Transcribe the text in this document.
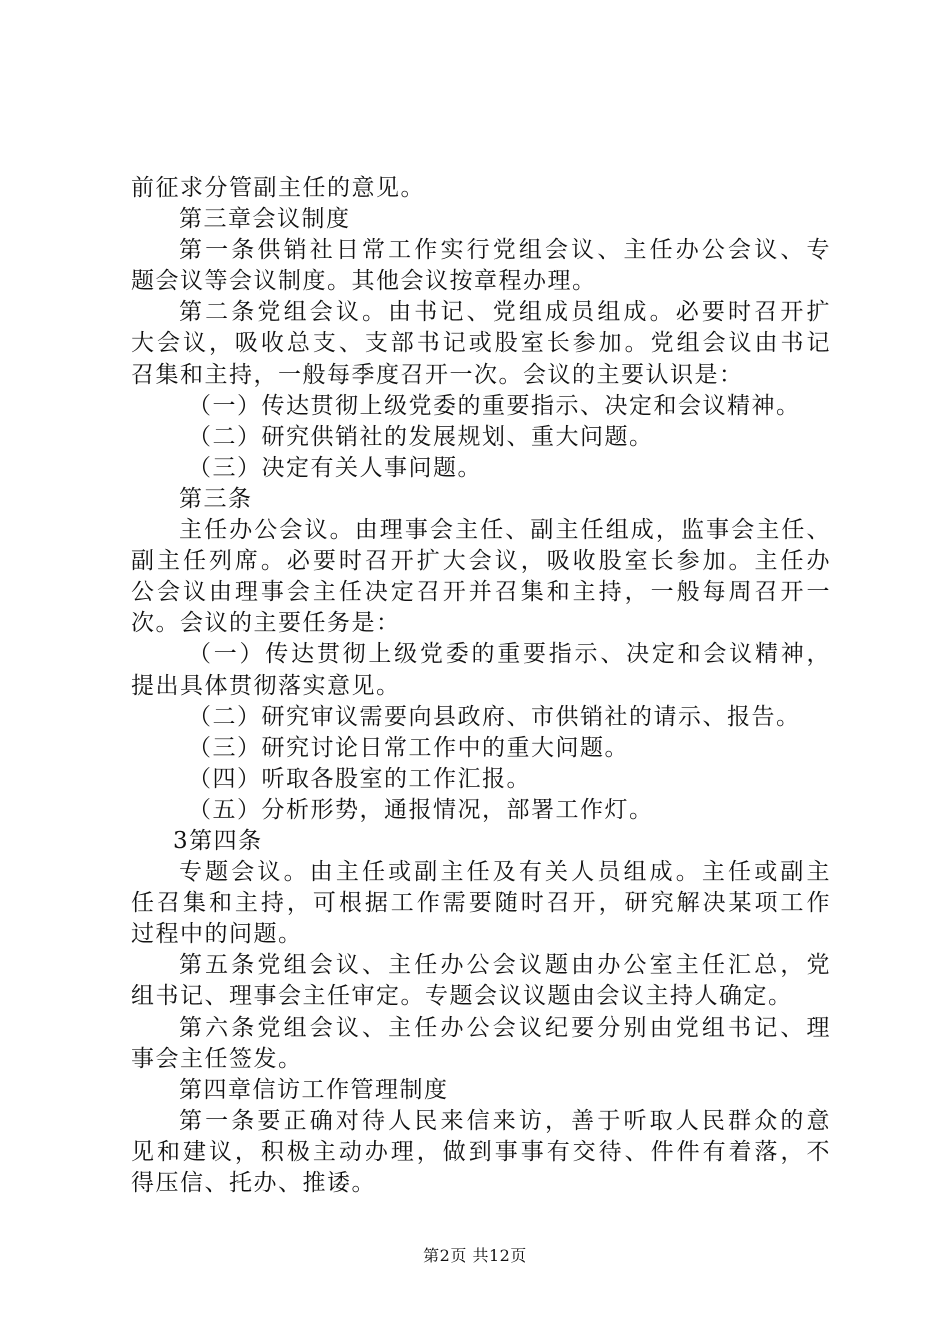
前征求分管副主任的意见。
第三章会议制度
第一条供销社日常工作实行党组会议、主任办公会议、专
题会议等会议制度。其他会议按章程办理。
第二条党组会议。由书记、党组成员组成。必要时召开扩
大会议，吸收总支、支部书记或股室长参加。党组会议由书记
召集和主持，一般每季度召开一次。会议的主要认识是：
（一）传达贯彻上级党委的重要指示、决定和会议精神。
（二）研究供销社的发展规划、重大问题。
（三）决定有关人事问题。
第三条
主任办公会议。由理事会主任、副主任组成，监事会主任、
副主任列席。必要时召开扩大会议，吸收股室长参加。主任办
公会议由理事会主任决定召开并召集和主持，一般每周召开一
次。会议的主要任务是：
（一）传达贯彻上级党委的重要指示、决定和会议精神，
提出具体贯彻落实意见。
（二）研究审议需要向县政府、市供销社的请示、报告。
（三）研究讨论日常工作中的重大问题。
（四）听取各股室的工作汇报。
（五）分析形势，通报情况，部署工作灯。
3第四条
专题会议。由主任或副主任及有关人员组成。主任或副主
任召集和主持，可根据工作需要随时召开，研究解决某项工作
过程中的问题。
第五条党组会议、主任办公会议题由办公室主任汇总，党
组书记、理事会主任审定。专题会议议题由会议主持人确定。
第六条党组会议、主任办公会议纪要分别由党组书记、理
事会主任签发。
第四章信访工作管理制度
第一条要正确对待人民来信来访，善于听取人民群众的意
见和建议，积极主动办理，做到事事有交待、件件有着落，不
得压信、托办、推诿。
第2页 共12页
